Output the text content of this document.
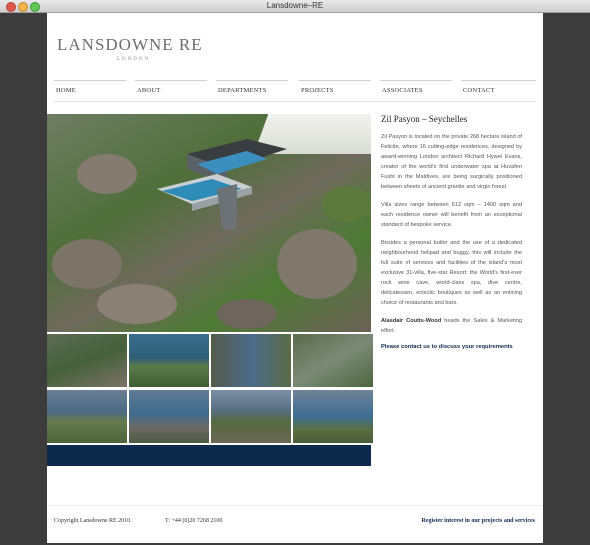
Lansdowne–RE
LANSDOWNE RE
LONDON
HOME	ABOUT	DEPARTMENTS	PROJECTS	ASSOCIATES	CONTACT
Zil Pasyon – Seychelles

Zil Pasyon is located on the private 268 hectare island of Felicite, where 16 cutting-edge residences, designed by award-winning London architect Richard Hywel Evans, creator of the world's first underwater spa at Huvafen Fushi in the Maldives, are being surgically positioned between sheets of ancient granite and virgin forest.

Villa sizes range between 612 sqm – 1400 sqm and each residence owner will benefit from an exceptional standard of bespoke service.

Besides a personal butler and the use of a dedicated neighbourhood helipad and buggy, this will include the full suite of services and facilities of the island's most exclusive 31-villa, five-star Resort: the World's first-ever rock wine cave, world-class spa, dive centre, delicatessen, eclectic boutiques as well as an enticing choice of restaurants and bars.

Alasdair Coutts-Wood heads the Sales & Marketing effort.

Please contact us to discuss your requirements
Copyright Lansdowne RE 2010.	T: +44 (0)20 7268 2100	Register interest in our projects and services
